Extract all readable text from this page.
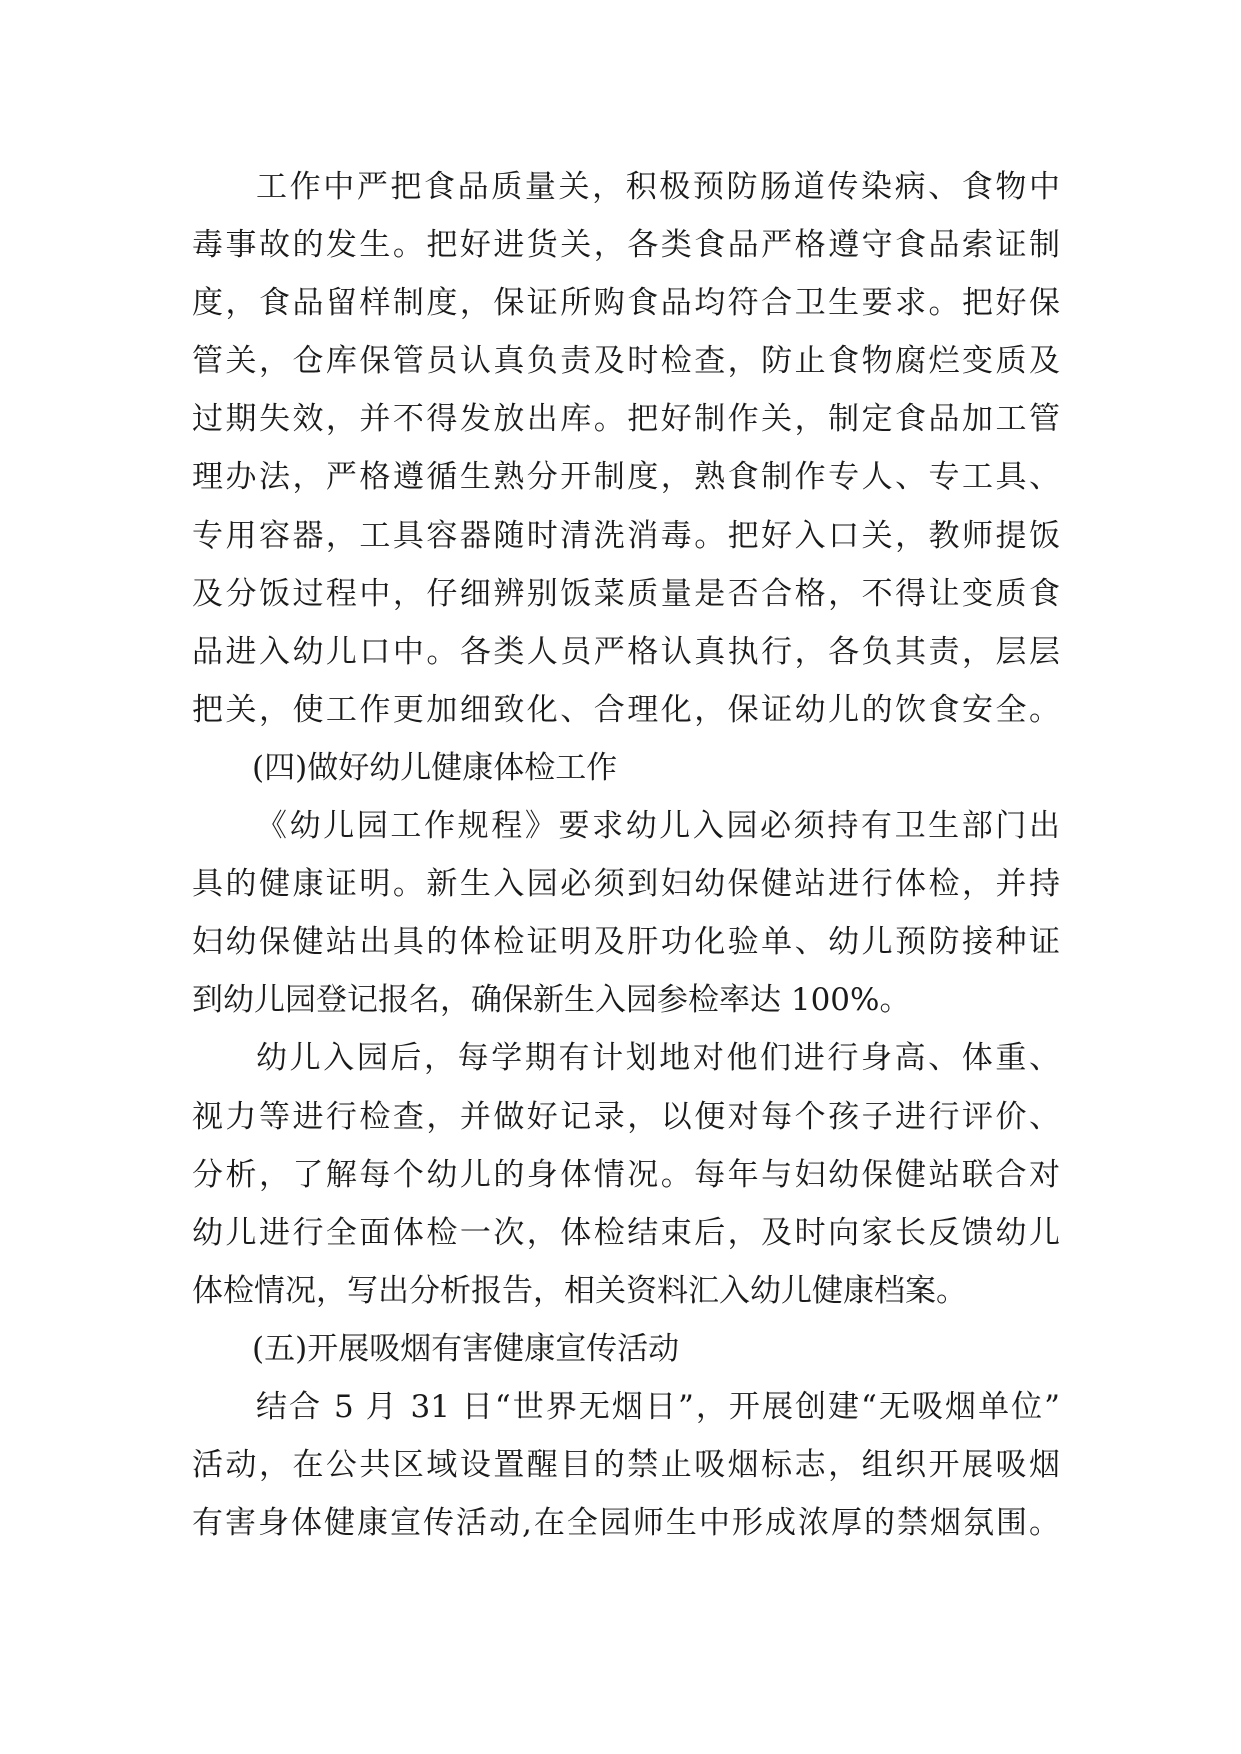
工作中严把食品质量关，积极预防肠道传染病、食物中
毒事故的发生。把好进货关，各类食品严格遵守食品索证制
度，食品留样制度，保证所购食品均符合卫生要求。把好保
管关，仓库保管员认真负责及时检查，防止食物腐烂变质及
过期失效，并不得发放出库。把好制作关，制定食品加工管
理办法，严格遵循生熟分开制度，熟食制作专人、专工具、
专用容器，工具容器随时清洗消毒。把好入口关，教师提饭
及分饭过程中，仔细辨别饭菜质量是否合格，不得让变质食
品进入幼儿口中。各类人员严格认真执行，各负其责，层层
把关，使工作更加细致化、合理化，保证幼儿的饮食安全。
(四)做好幼儿健康体检工作
《幼儿园工作规程》要求幼儿入园必须持有卫生部门出
具的健康证明。新生入园必须到妇幼保健站进行体检，并持
妇幼保健站出具的体检证明及肝功化验单、幼儿预防接种证
到幼儿园登记报名，确保新生入园参检率达 100%。
幼儿入园后，每学期有计划地对他们进行身高、体重、
视力等进行检查，并做好记录，以便对每个孩子进行评价、
分析，了解每个幼儿的身体情况。每年与妇幼保健站联合对
幼儿进行全面体检一次，体检结束后，及时向家长反馈幼儿
体检情况，写出分析报告，相关资料汇入幼儿健康档案。
(五)开展吸烟有害健康宣传活动
结合 5 月 31 日“世界无烟日”，开展创建“无吸烟单位”
活动，在公共区域设置醒目的禁止吸烟标志，组织开展吸烟
有害身体健康宣传活动,在全园师生中形成浓厚的禁烟氛围。
